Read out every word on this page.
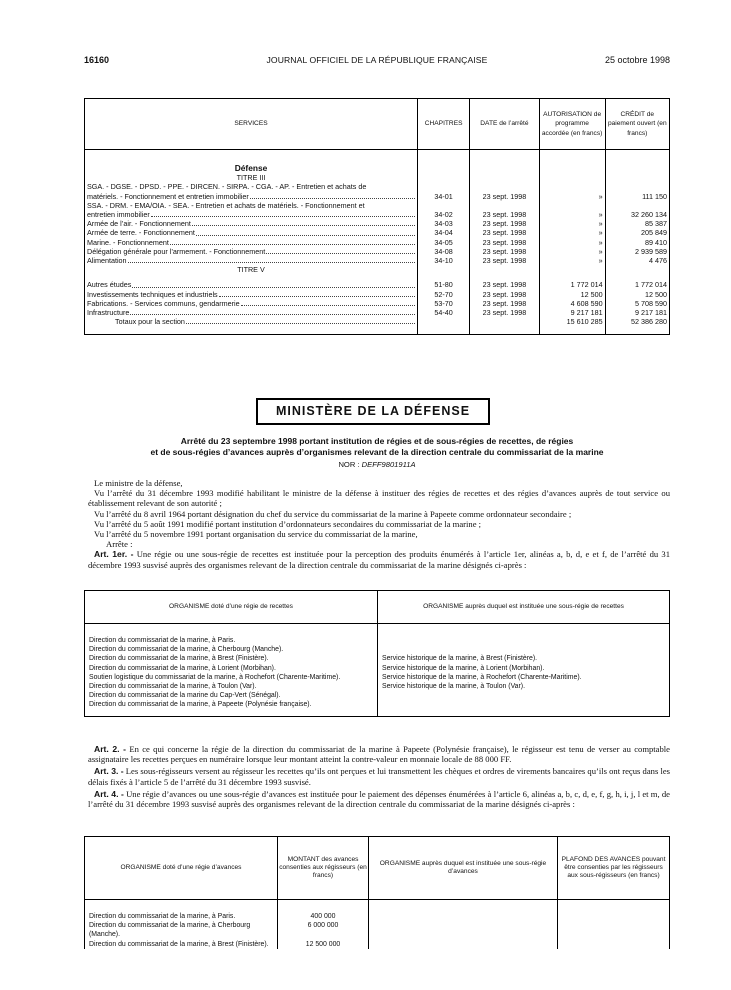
16160	JOURNAL OFFICIEL DE LA RÉPUBLIQUE FRANÇAISE	25 octobre 1998
SERVICES	CHAPITRES	DATE de l’arrêté	AUTORISATION de programme accordée (en francs)	CRÉDIT de paiement ouvert (en francs)

Défense				
TITRE III				
SGA. - DGSE. - DPSD. - PPE. - DIRCEN. - SIRPA. - CGA. - AP. - Entretien et achats de				

matériels. - Fonctionnement et entretien immobilier	34-01	23 sept. 1998	»	111 150
SSA. - DRM. - EMA/OIA. - SEA. - Entretien et achats de matériels. - Fonctionnement et				

entretien immobilier	34-02	23 sept. 1998	»	32 260 134

Armée de l’air. - Fonctionnement	34-03	23 sept. 1998	»	85 387

Armée de terre. - Fonctionnement	34-04	23 sept. 1998	»	205 849

Marine. - Fonctionnement	34-05	23 sept. 1998	»	89 410

Délégation générale pour l’armement. - Fonctionnement	34-08	23 sept. 1998	»	2 939 589

Alimentation	34-10	23 sept. 1998	»	4 476
TITRE V				

Autres études	51-80	23 sept. 1998	1 772 014	1 772 014

Investissements techniques et industriels	52-70	23 sept. 1998	12 500	12 500

Fabrications. - Services communs, gendarmerie	53-70	23 sept. 1998	4 608 590	5 708 590

Infrastructure	54-40	23 sept. 1998	9 217 181	9 217 181

Totaux pour la section			15 610 285	52 386 280

MINISTÈRE DE LA DÉFENSE
Arrêté du 23 septembre 1998 portant institution de régies et de sous-régies de recettes, de régies
et de sous-régies d’avances auprès d’organismes relevant de la direction centrale du commissariat de la marine
NOR : DEFF9801911A

Le ministre de la défense,

Vu l’arrêté du 31 décembre 1993 modifié habilitant le ministre de la défense à instituer des régies de recettes et des régies d’avances auprès de tout service ou établissement relevant de son autorité ;

Vu l’arrêté du 8 avril 1964 portant désignation du chef du service du commissariat de la marine à Papeete comme ordonnateur secondaire ;

Vu l’arrêté du 5 août 1991 modifié portant institution d’ordonnateurs secondaires du commissariat de la marine ;

Vu l’arrêté du 5 novembre 1991 portant organisation du service du commissariat de la marine,

Arrête :

Art. 1er. - Une régie ou une sous-régie de recettes est instituée pour la perception des produits énumérés à l’article 1er, alinéas a, b, d, e et f, de l’arrêté du 31 décembre 1993 susvisé auprès des organismes relevant de la direction centrale du commissariat de la marine désignés ci-après :

ORGANISME doté d’une régie de recettes	ORGANISME auprès duquel est instituée une sous-régie de recettes

Direction du commissariat de la marine, à Paris.	
Direction du commissariat de la marine, à Cherbourg (Manche).	
Direction du commissariat de la marine, à Brest (Finistère).	Service historique de la marine, à Brest (Finistère).
Direction du commissariat de la marine, à Lorient (Morbihan).	Service historique de la marine, à Lorient (Morbihan).
Soutien logistique du commissariat de la marine, à Rochefort (Charente-Maritime).	Service historique de la marine, à Rochefort (Charente-Maritime).
Direction du commissariat de la marine, à Toulon (Var).	Service historique de la marine, à Toulon (Var).
Direction du commissariat de la marine du Cap-Vert (Sénégal).	
Direction du commissariat de la marine, à Papeete (Polynésie française).	

Art. 2. - En ce qui concerne la régie de la direction du commissariat de la marine à Papeete (Polynésie française), le régisseur est tenu de verser au comptable assignataire les recettes perçues en numéraire lorsque leur montant atteint la contre-valeur en monnaie locale de 88 000 FF.

Art. 3. - Les sous-régisseurs versent au régisseur les recettes qu’ils ont perçues et lui transmettent les chèques et ordres de virements bancaires qu’ils ont reçus dans les délais fixés à l’article 5 de l’arrêté du 31 décembre 1993 susvisé.

Art. 4. - Une régie d’avances ou une sous-régie d’avances est instituée pour le paiement des dépenses énumérées à l’article 6, alinéas a, b, c, d, e, f, g, h, i, j, l et m, de l’arrêté du 31 décembre 1993 susvisé auprès des organismes relevant de la direction centrale du commissariat de la marine désignés ci-après :

ORGANISME doté d’une régie d’avances	MONTANT des avances consenties aux régisseurs (en francs)	ORGANISME auprès duquel est instituée une sous-régie d’avances	PLAFOND DES AVANCES pouvant être consenties par les régisseurs aux sous-régisseurs (en francs)

Direction du commissariat de la marine, à Paris.	400 000		
Direction du commissariat de la marine, à Cherbourg (Manche).	6 000 000		
Direction du commissariat de la marine, à Brest (Finistère).	12 500 000		
